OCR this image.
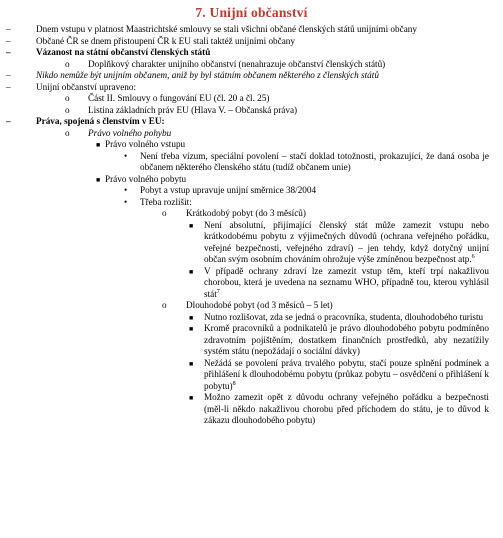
7. Unijní občanství
–	Dnem vstupu v platnost Maastrichtské smlouvy se stali všichni občané členských států unijními občany
–	Občané ČR se dnem přistoupení ČR k EU stali taktéž unijními občany
–	Vázanost na státní občanství členských států
o Doplňkový charakter unijního občanství (nenahrazuje občanství členských států)
–	Nikdo nemůže být unijním občanem, aniž by byl státním občanem některého z členských států
–	Unijní občanství upraveno:
o Část II. Smlouvy o fungování EU (čl. 20 a čl. 25)
o Listina základních práv EU (Hlava V. – Občanská práva)
–	Práva, spojená s členstvím v EU:
o Právo volného pohybu
■ Právo volného vstupu
• Není třeba vízum, speciální povolení – stačí doklad totožnosti, prokazující, že daná osoba je občanem některého členského státu (tudíž občanem unie)
■ Právo volného pobytu
• Pobyt a vstup upravuje unijní směrnice 38/2004
• Třeba rozlišit:
o Krátkodobý pobyt (do 3 měsíců)
■ Není absolutní, přijímající členský stát může zamezit vstupu nebo krátkodobému pobytu z výjimečných důvodů (ochrana veřejného pořádku, veřejné bezpečnosti, veřejného zdraví) – jen tehdy, když dotyčný unijní občan svým osobním chováním ohrožuje výše zmíněnou bezpečnost atp.$^6$
■ V případě ochrany zdraví lze zamezit vstup těm, kteří trpí nakažlivou chorobou, která je uvedena na seznamu WHO, případně tou, kterou vyhlásil stát$^7$
o Dlouhodobé pobyt (od 3 měsíců – 5 let)
■ Nutno rozlišovat, zda se jedná o pracovníka, studenta, dlouhodobého turistu
■ Kromě pracovníků a podnikatelů je právo dlouhodobého pobytu podmíněno zdravotním pojištěním, dostatkem finančních prostředků, aby nezatížily systém státu (nepožádají o sociální dávky)
■ Nežádá se povolení práva trvalého pobytu, stačí pouze splnění podmínek a přihlášení k dlouhodobému pobytu (průkaz pobytu – osvědčení o přihlášení k pobytu)$^8$
■ Možno zamezit opět z důvodu ochrany veřejného pořádku a bezpečnosti (měl-li někdo nakažlivou chorobu před příchodem do státu, je to důvod k zákazu dlouhodobého pobytu)
